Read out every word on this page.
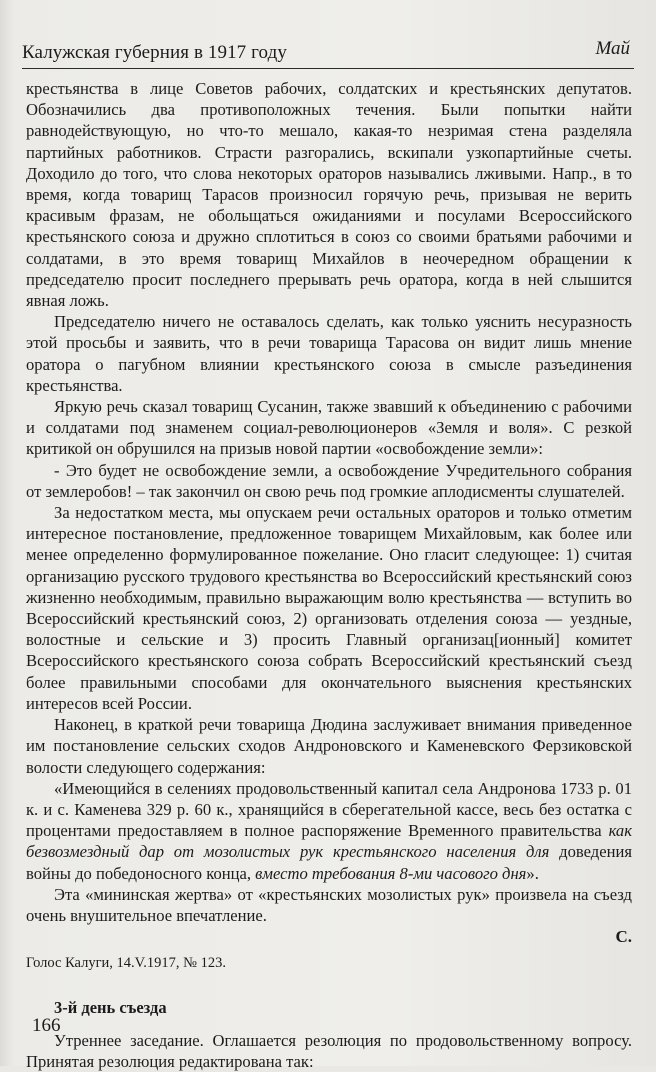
Калужская губерния в 1917 году	Май

крестьянства в лице Советов рабочих, солдатских и крестьянских депутатов. Обозначились два противоположных течения. Были попытки найти равнодействующую, но что-то мешало, какая-то незримая стена разделяла партийных работников. Страсти разгорались, вскипали узкопартийные счеты. Доходило до того, что слова некоторых ораторов назывались лживыми. Напр., в то время, когда товарищ Тарасов произносил горячую речь, призывая не верить красивым фразам, не обольщаться ожиданиями и посулами Всероссийского крестьянского союза и дружно сплотиться в союз со своими братьями рабочими и солдатами, в это время товарищ Михайлов в неочередном обращении к председателю просит последнего прерывать речь оратора, когда в ней слышится явная ложь.

Председателю ничего не оставалось сделать, как только уяснить несуразность этой просьбы и заявить, что в речи товарища Тарасова он видит лишь мнение оратора о пагубном влиянии крестьянского союза в смысле разъединения крестьянства.

Яркую речь сказал товарищ Сусанин, также звавший к объединению с рабочими и солдатами под знаменем социал-революционеров «Земля и воля». С резкой критикой он обрушился на призыв новой партии «освобождение земли»:

- Это будет не освобождение земли, а освобождение Учредительного собрания от землеробов! – так закончил он свою речь под громкие аплодисменты слушателей.

За недостатком места, мы опускаем речи остальных ораторов и только отметим интересное постановление, предложенное товарищем Михайловым, как более или менее определенно формулированное пожелание. Оно гласит следующее: 1) считая организацию русского трудового крестьянства во Всероссийский крестьянский союз жизненно необходимым, правильно выражающим волю крестьянства — вступить во Всероссийский крестьянский союз, 2) организовать отделения союза — уездные, волостные и сельские и 3) просить Главный организац[ионный] комитет Всероссийского крестьянского союза собрать Всероссийский крестьянский съезд более правильными способами для окончательного выяснения крестьянских интересов всей России.

Наконец, в краткой речи товарища Дюдина заслуживает внимания приведенное им постановление сельских сходов Андроновского и Каменевского Ферзиковской волости следующего содержания:

«Имеющийся в селениях продовольственный капитал села Андронова 1733 р. 01 к. и с. Каменева 329 р. 60 к., хранящийся в сберегательной кассе, весь без остатка с процентами предоставляем в полное распоряжение Временного правительства как безвозмездный дар от мозолистых рук крестьянского населения для доведения войны до победоносного конца, вместо требования 8-ми часового дня».

Эта «мининская жертва» от «крестьянских мозолистых рук» произвела на съезд очень внушительное впечатление.

С.

Голос Калуги, 14.V.1917, № 123.

3-й день съезда

Утреннее заседание. Оглашается резолюция по продовольственному вопросу. Принятая резолюция редактирована так:

166
